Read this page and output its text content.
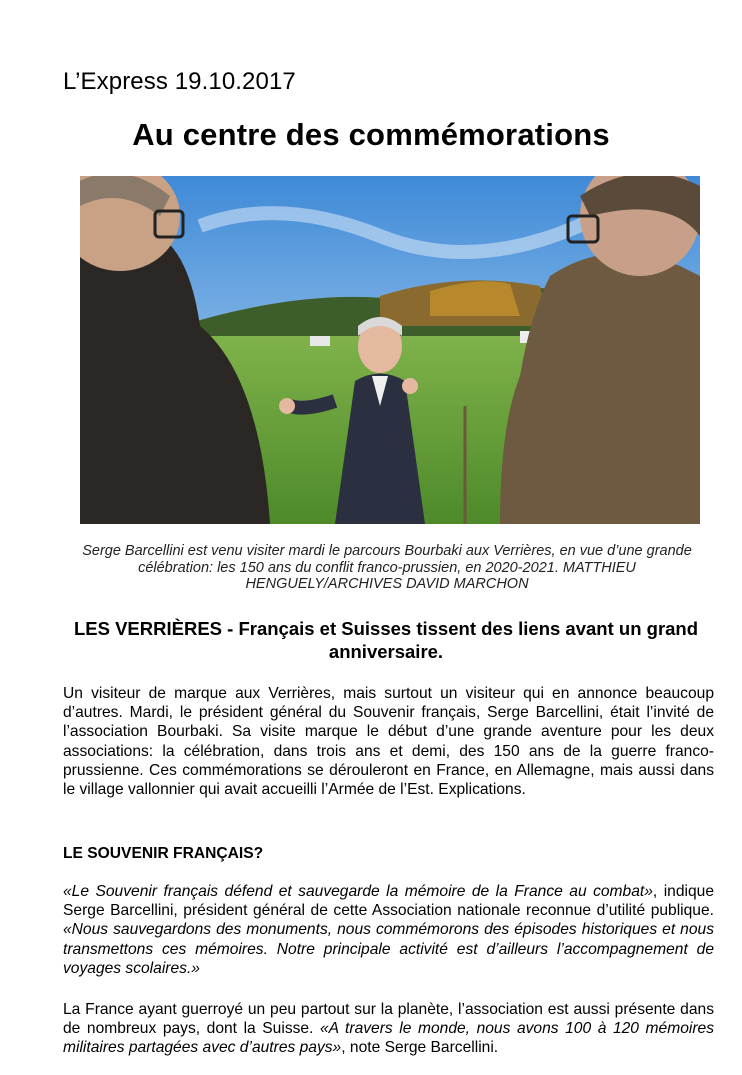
L’Express 19.10.2017
Au centre des commémorations
Serge Barcellini est venu visiter mardi le parcours Bourbaki aux Verrières, en vue d’une grande célébration: les 150 ans du conflit franco-prussien, en 2020-2021. MATTHIEU HENGUELY/ARCHIVES DAVID MARCHON
LES VERRIÈRES - Français et Suisses tissent des liens avant un grand anniversaire.
Un visiteur de marque aux Verrières, mais surtout un visiteur qui en annonce beaucoup d’autres. Mardi, le président général du Souvenir français, Serge Barcellini, était l’invité de l’association Bourbaki. Sa visite marque le début d’une grande aventure pour les deux associations: la célébration, dans trois ans et demi, des 150 ans de la guerre franco-prussienne. Ces commémorations se dérouleront en France, en Allemagne, mais aussi dans le village vallonnier qui avait accueilli l’Armée de l’Est. Explications.
LE SOUVENIR FRANÇAIS?
«Le Souvenir français défend et sauvegarde la mémoire de la France au combat», indique Serge Barcellini, président général de cette Association nationale reconnue d’utilité publique. «Nous sauvegardons des monuments, nous commémorons des épisodes historiques et nous transmettons ces mémoires. Notre principale activité est d’ailleurs l’accompagnement de voyages scolaires.»
La France ayant guerroyé un peu partout sur la planète, l’association est aussi présente dans de nombreux pays, dont la Suisse. «A travers le monde, nous avons 100 à 120 mémoires militaires partagées avec d’autres pays», note Serge Barcellini.
